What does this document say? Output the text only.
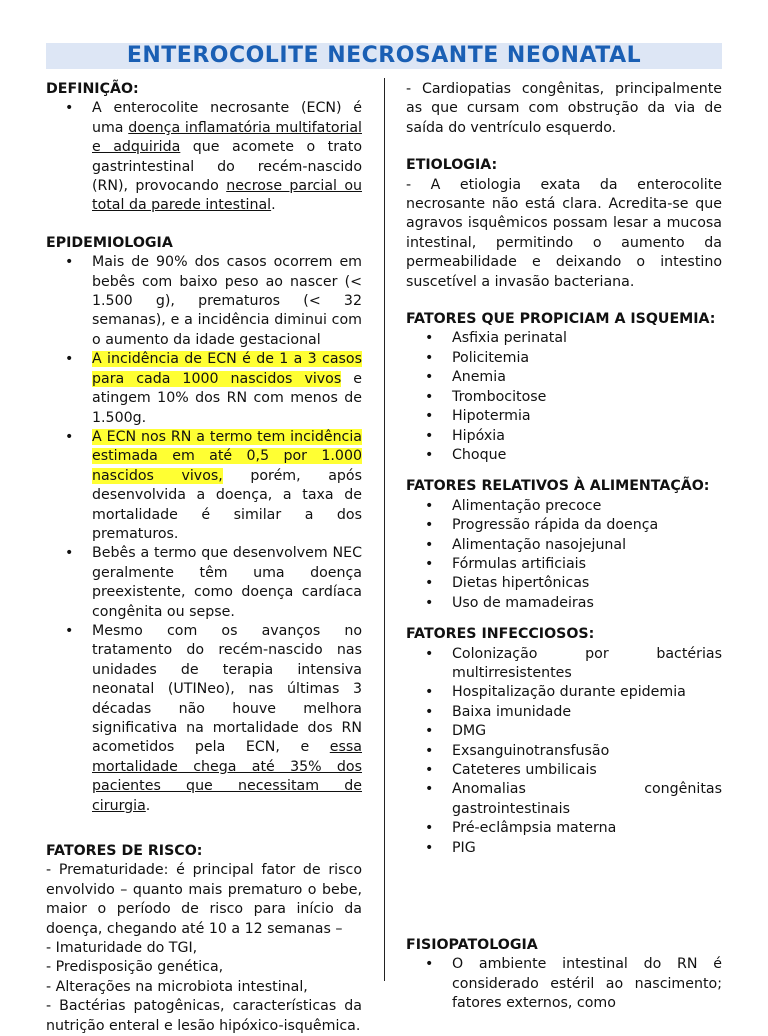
ENTEROCOLITE NECROSANTE NEONATAL

DEFINIÇÃO:

• A enterocolite necrosante (ECN) é uma doença inflamatória multifatorial e adquirida que acomete o trato gastrintestinal do recém-nascido (RN), provocando necrose parcial ou total da parede intestinal.

EPIDEMIOLOGIA

• Mais de 90% dos casos ocorrem em bebês com baixo peso ao nascer (< 1.500 g), prematuros (< 32 semanas), e a incidência diminui com o aumento da idade gestacional
• A incidência de ECN é de 1 a 3 casos para cada 1000 nascidos vivos e atingem 10% dos RN com menos de 1.500g.
• A ECN nos RN a termo tem incidência estimada em até 0,5 por 1.000 nascidos vivos, porém, após desenvolvida a doença, a taxa de mortalidade é similar a dos prematuros.
• Bebês a termo que desenvolvem NEC geralmente têm uma doença preexistente, como doença cardíaca congênita ou sepse.
• Mesmo com os avanços no tratamento do recém-nascido nas unidades de terapia intensiva neonatal (UTINeo), nas últimas 3 décadas não houve melhora significativa na mortalidade dos RN acometidos pela ECN, e essa mortalidade chega até 35% dos pacientes que necessitam de cirurgia.

FATORES DE RISCO:

- Prematuridade: é principal fator de risco envolvido – quanto mais prematuro o bebe, maior o período de risco para início da doença, chegando até 10 a 12 semanas –

- Imaturidade do TGI,

- Predisposição genética,

- Alterações na microbiota intestinal,

- Bactérias patogênicas, características da nutrição enteral e lesão hipóxico-isquêmica.

- Cardiopatias congênitas, principalmente as que cursam com obstrução da via de saída do ventrículo esquerdo.

ETIOLOGIA:

- A etiologia exata da enterocolite necrosante não está clara. Acredita-se que agravos isquêmicos possam lesar a mucosa intestinal, permitindo o aumento da permeabilidade e deixando o intestino suscetível a invasão bacteriana.

FATORES QUE PROPICIAM A ISQUEMIA:

• Asfixia perinatal
• Policitemia
• Anemia
• Trombocitose
• Hipotermia
• Hipóxia
• Choque

FATORES RELATIVOS À ALIMENTAÇÃO:

• Alimentação precoce
• Progressão rápida da doença
• Alimentação nasojejunal
• Fórmulas artificiais
• Dietas hipertônicas
• Uso de mamadeiras

FATORES INFECCIOSOS:

• Colonização por bactérias multirresistentes
• Hospitalização durante epidemia
• Baixa imunidade
• DMG
• Exsanguinotransfusão
• Cateteres umbilicais
• Anomalias congênitas gastrointestinais
• Pré-eclâmpsia materna
• PIG

FISIOPATOLOGIA

• O ambiente intestinal do RN é considerado estéril ao nascimento; fatores externos, como
